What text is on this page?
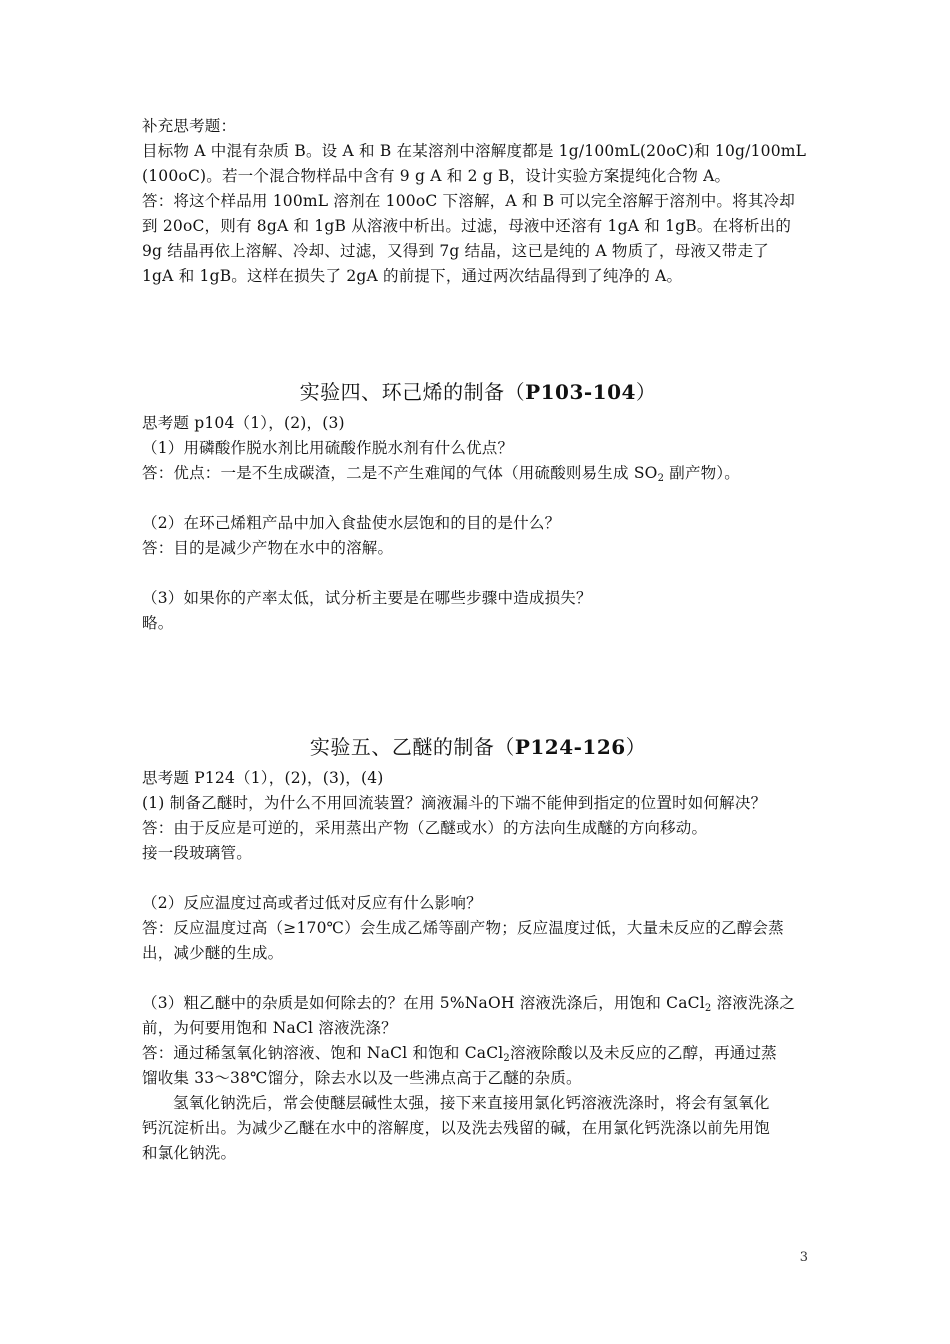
补充思考题：
目标物 A 中混有杂质 B。设 A 和 B 在某溶剂中溶解度都是 1g/100mL(20oC)和 10g/100mL
(100oC)。若一个混合物样品中含有 9 g A 和 2 g B，设计实验方案提纯化合物 A。
答：将这个样品用 100mL 溶剂在 100oC 下溶解，A 和 B 可以完全溶解于溶剂中。将其冷却
到 20oC，则有 8gA 和 1gB 从溶液中析出。过滤，母液中还溶有 1gA 和 1gB。在将析出的
9g 结晶再依上溶解、冷却、过滤，又得到 7g 结晶，这已是纯的 A 物质了，母液又带走了
1gA 和 1gB。这样在损失了 2gA 的前提下，通过两次结晶得到了纯净的 A。
实验四、环己烯的制备（P103-104）
思考题 p104（1），(2)，(3)
（1）用磷酸作脱水剂比用硫酸作脱水剂有什么优点？
答：优点：一是不生成碳渣，二是不产生难闻的气体（用硫酸则易生成 $SO_2$ 副产物）。
（2）在环己烯粗产品中加入食盐使水层饱和的目的是什么？
答：目的是减少产物在水中的溶解。
（3）如果你的产率太低，试分析主要是在哪些步骤中造成损失？
略。
实验五、乙醚的制备（P124-126）
思考题 P124（1），(2)，(3)，(4)
(1) 制备乙醚时，为什么不用回流装置？滴液漏斗的下端不能伸到指定的位置时如何解决？
答：由于反应是可逆的，采用蒸出产物（乙醚或水）的方法向生成醚的方向移动。
接一段玻璃管。
（2）反应温度过高或者过低对反应有什么影响？
答：反应温度过高（≥170℃）会生成乙烯等副产物；反应温度过低，大量未反应的乙醇会蒸
出，减少醚的生成。
（3）粗乙醚中的杂质是如何除去的？在用 5%NaOH 溶液洗涤后，用饱和 CaCl$_2$ 溶液洗涤之
前，为何要用饱和 NaCl 溶液洗涤？
答：通过稀氢氧化钠溶液、饱和 NaCl 和饱和 CaCl$_2$溶液除酸以及未反应的乙醇，再通过蒸
馏收集 33～38℃馏分，除去水以及一些沸点高于乙醚的杂质。
氢氧化钠洗后，常会使醚层碱性太强，接下来直接用氯化钙溶液洗涤时，将会有氢氧化
钙沉淀析出。为减少乙醚在水中的溶解度，以及洗去残留的碱，在用氯化钙洗涤以前先用饱
和氯化钠洗。
3
